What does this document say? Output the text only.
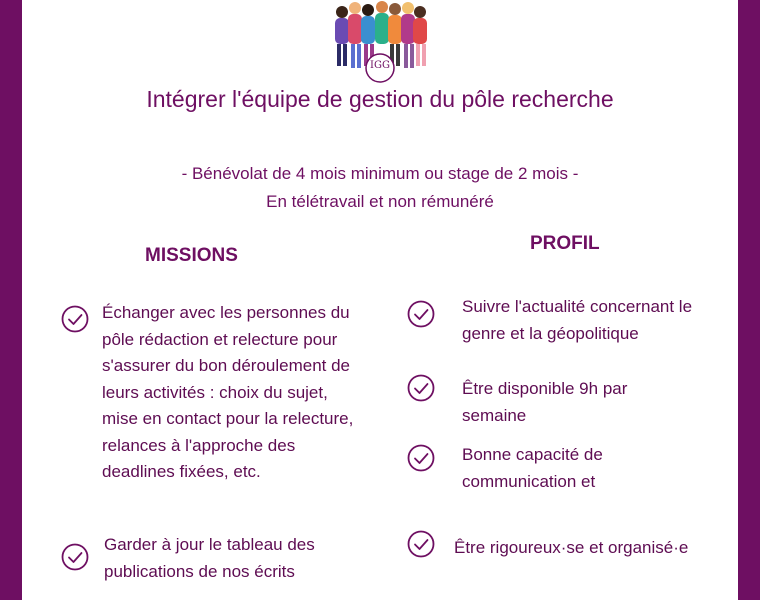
IGG
Intégrer l'équipe de gestion du pôle recherche
- Bénévolat de 4 mois minimum ou stage de 2 mois -
En télétravail et non rémunéré
MISSIONS
PROFIL
Échanger avec les personnes du pôle rédaction et relecture pour s'assurer du bon déroulement de leurs activités : choix du sujet, mise en contact pour la relecture, relances à l'approche des deadlines fixées, etc.
Garder à jour le tableau des publications de nos écrits
Suivre l'actualité concernant le genre et la géopolitique
Être disponible 9h par semaine
Bonne capacité de communication et
Être rigoureux·se et organisé·e
